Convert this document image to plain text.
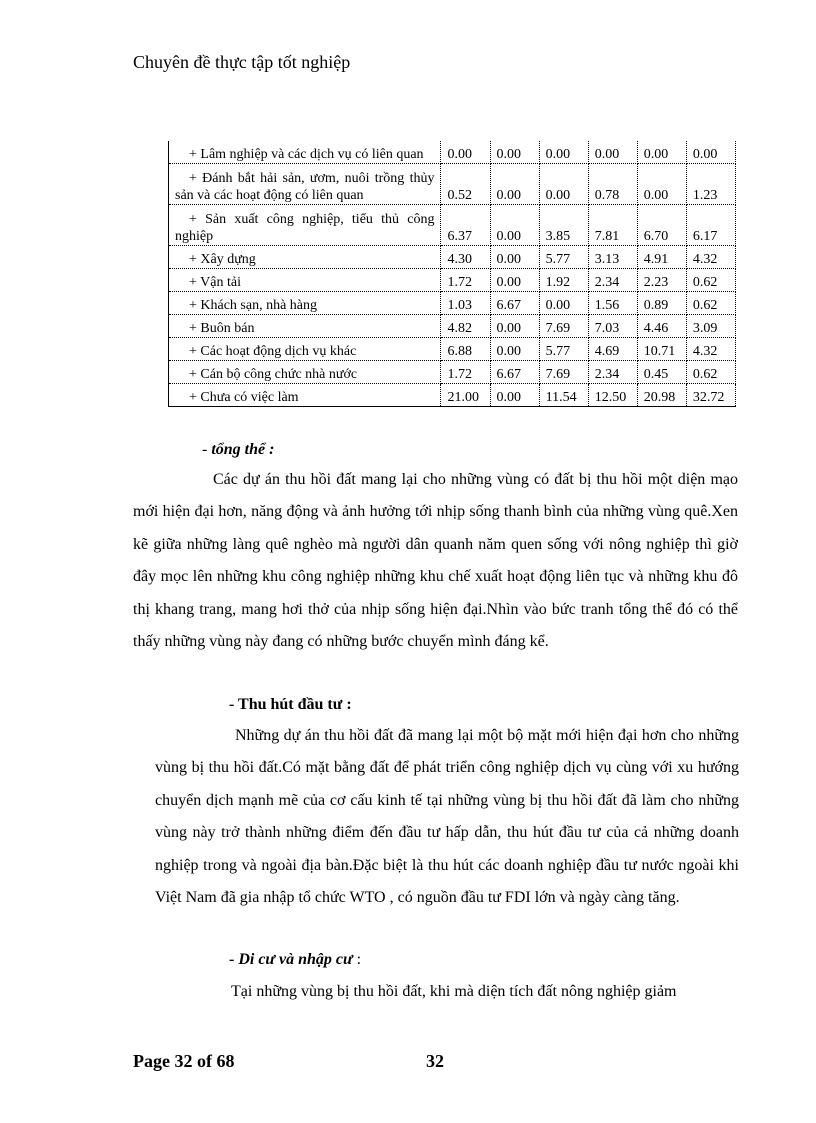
Chuyên đề thực tập tốt nghiệp
+ Lâm nghiệp và các dịch vụ có liên quan	0.00	0.00	0.00	0.00	0.00	0.00
+ Đánh bắt hải sản, ươm, nuôi trồng thủy sản và các hoạt động có liên quan	0.52	0.00	0.00	0.78	0.00	1.23
+ Sản xuất công nghiệp, tiểu thủ công nghiệp	6.37	0.00	3.85	7.81	6.70	6.17
+ Xây dựng	4.30	0.00	5.77	3.13	4.91	4.32
+ Vận tải	1.72	0.00	1.92	2.34	2.23	0.62
+ Khách sạn, nhà hàng	1.03	6.67	0.00	1.56	0.89	0.62
+ Buôn bán	4.82	0.00	7.69	7.03	4.46	3.09
+ Các hoạt động dịch vụ khác	6.88	0.00	5.77	4.69	10.71	4.32
+ Cán bộ công chức nhà nước	1.72	6.67	7.69	2.34	0.45	0.62
+ Chưa có việc làm	21.00	0.00	11.54	12.50	20.98	32.72
- tổng thể :

Các dự án thu hồi đất mang lại cho những vùng có đất bị thu hồi một diện mạo mới hiện đại hơn, năng động và ảnh hưởng tới nhịp sống thanh bình của những vùng quê.Xen kẽ giữa những làng quê nghèo mà người dân quanh năm quen sống với nông nghiệp thì giờ đây mọc lên những khu công nghiệp những khu chế xuất hoạt động liên tục và những khu đô thị khang trang, mang hơi thở của nhịp sống hiện đại.Nhìn vào bức tranh tổng thể đó có thể thấy những vùng này đang có những bước chuyển mình đáng kể.

- Thu hút đầu tư :

Những dự án thu hồi đất đã mang lại một bộ mặt mới hiện đại hơn cho những vùng bị thu hồi đất.Có mặt bằng đất để phát triển công nghiệp dịch vụ cùng với xu hướng chuyển dịch mạnh mẽ của cơ cấu kinh tế tại những vùng bị thu hồi đất đã làm cho những vùng này trở thành những điểm đến đầu tư hấp dẫn, thu hút đầu tư của cả những doanh nghiệp trong và ngoài địa bàn.Đặc biệt là thu hút các doanh nghiệp đầu tư nước ngoài khi Việt Nam đã gia nhập tổ chức WTO , có nguồn đầu tư FDI lớn và ngày càng tăng.

- Di cư và nhập cư :

Tại những vùng bị thu hồi đất, khi mà diện tích đất nông nghiệp giảm

Page 32 of 68	32
